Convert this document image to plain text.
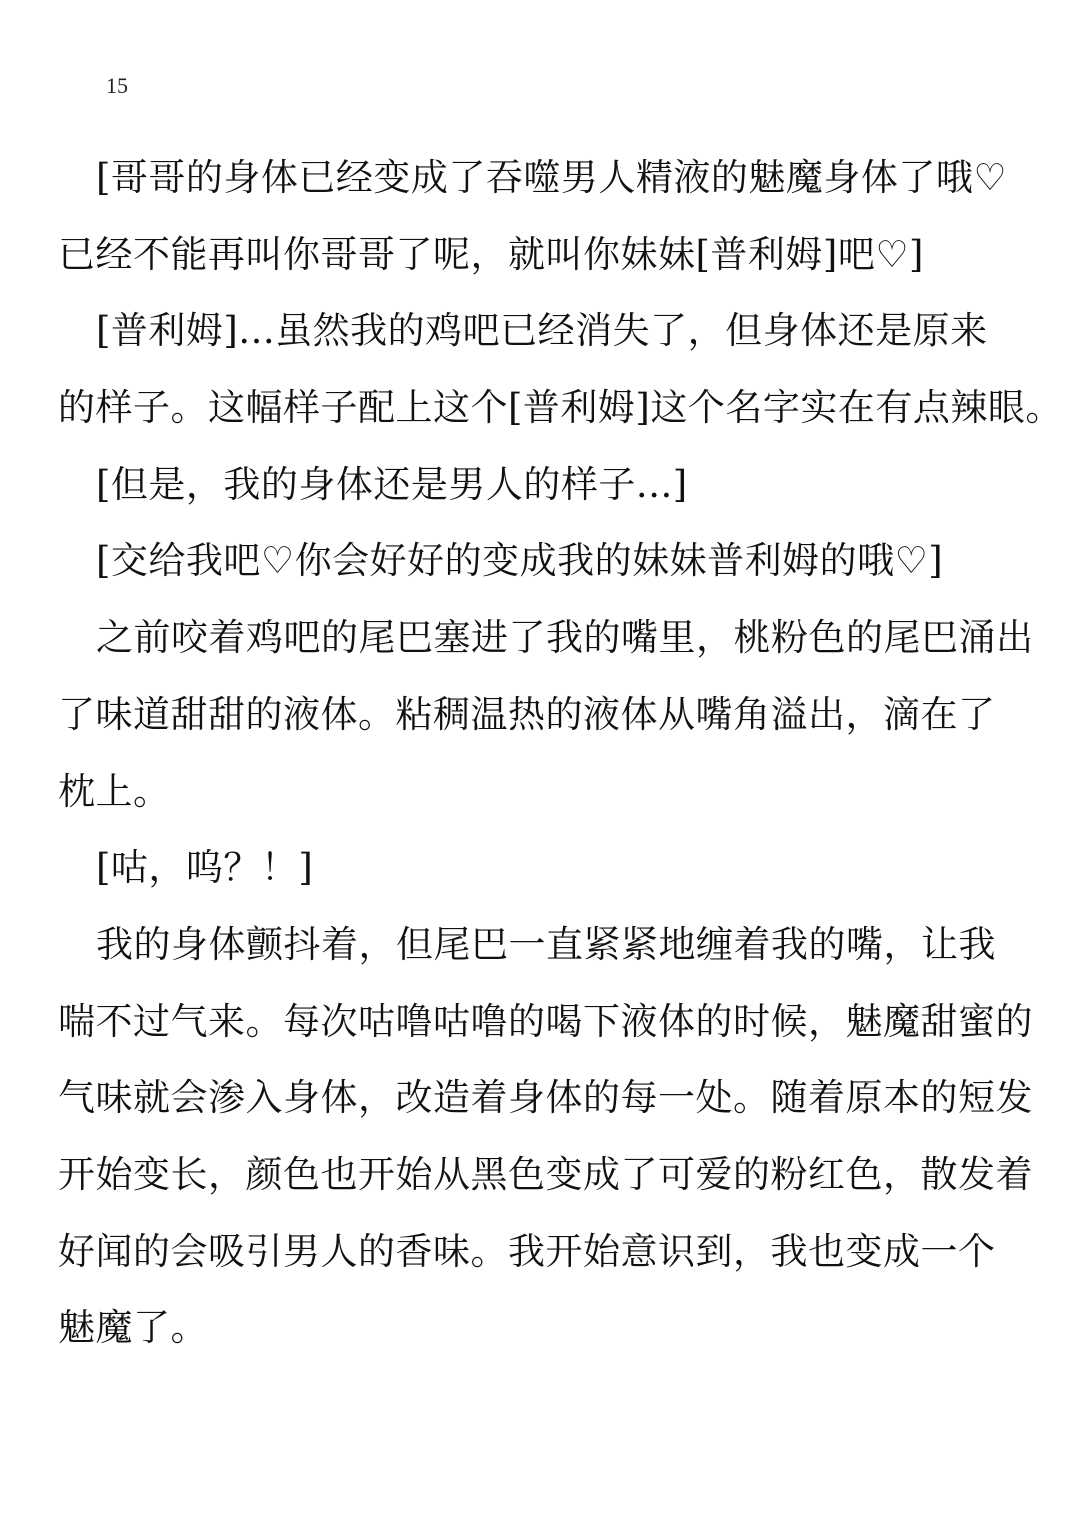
15
[哥哥的身体已经变成了吞噬男人精液的魅魔身体了哦♡
已经不能再叫你哥哥了呢，就叫你妹妹[普利姆]吧♡]
[普利姆]...虽然我的鸡吧已经消失了，但身体还是原来
的样子。这幅样子配上这个[普利姆]这个名字实在有点辣眼。
[但是，我的身体还是男人的样子...]
[交给我吧♡你会好好的变成我的妹妹普利姆的哦♡]
之前咬着鸡吧的尾巴塞进了我的嘴里，桃粉色的尾巴涌出
了味道甜甜的液体。粘稠温热的液体从嘴角溢出，滴在了
枕上。
[咕，呜？！]
我的身体颤抖着，但尾巴一直紧紧地缠着我的嘴，让我
喘不过气来。每次咕噜咕噜的喝下液体的时候，魅魔甜蜜的
气味就会渗入身体，改造着身体的每一处。随着原本的短发
开始变长，颜色也开始从黑色变成了可爱的粉红色，散发着
好闻的会吸引男人的香味。我开始意识到，我也变成一个
魅魔了。
